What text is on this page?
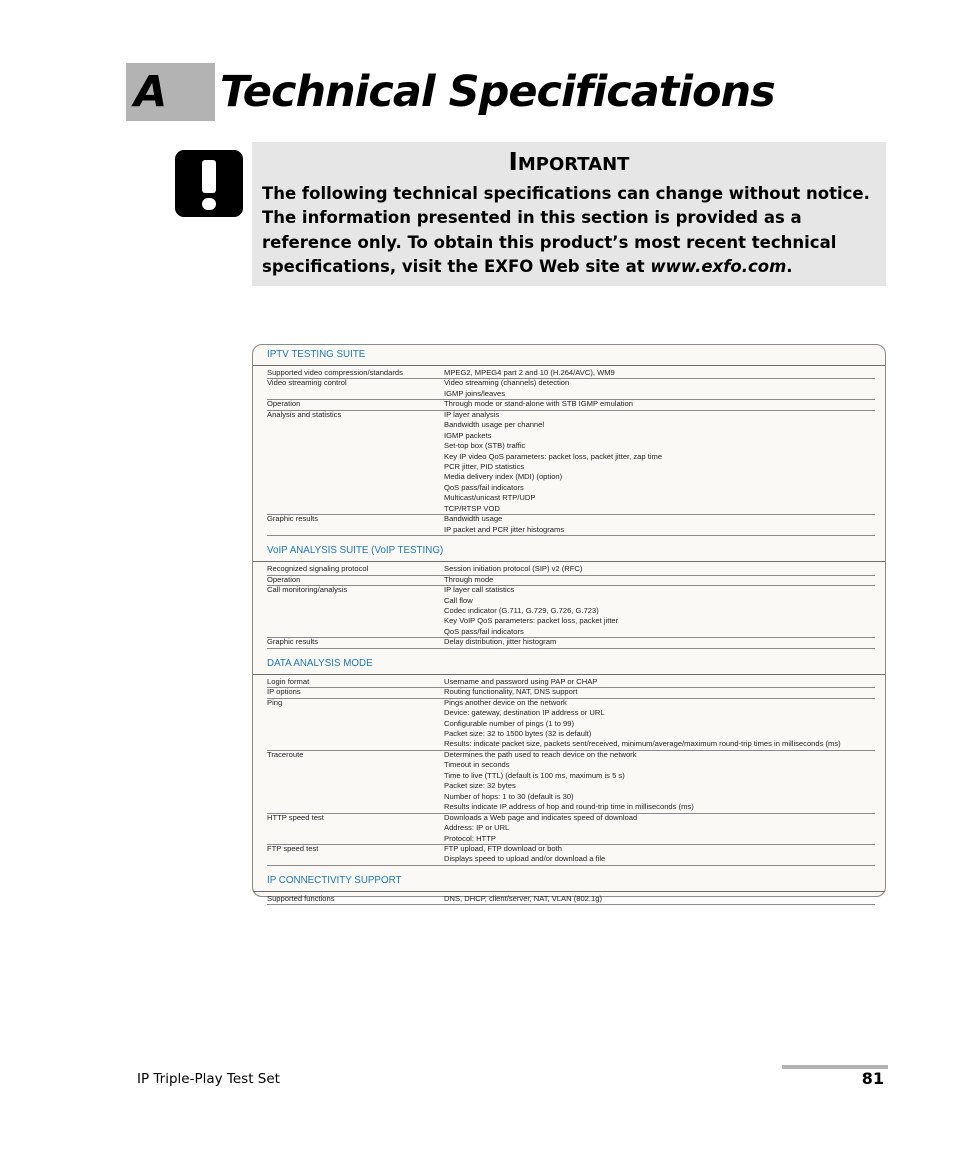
A Technical Specifications
Important
The following technical specifications can change without notice. The information presented in this section is provided as a reference only. To obtain this product’s most recent technical specifications, visit the EXFO Web site at www.exfo.com.
IPTV TESTING SUITE
Supported video compression/standards	MPEG2, MPEG4 part 2 and 10 (H.264/AVC), WM9
Video streaming control	Video streaming (channels) detection
IGMP joins/leaves
Operation	Through mode or stand-alone with STB IGMP emulation
Analysis and statistics	IP layer analysis
Bandwidth usage per channel
IGMP packets
Set-top box (STB) traffic
Key IP video QoS parameters: packet loss, packet jitter, zap time
PCR jitter, PID statistics
Media delivery index (MDI) (option)
QoS pass/fail indicators
Multicast/unicast RTP/UDP
TCP/RTSP VOD
Graphic results	Bandwidth usage
IP packet and PCR jitter histograms
VoIP ANALYSIS SUITE (VoIP TESTING)
Recognized signaling protocol	Session initiation protocol (SIP) v2 (RFC)
Operation	Through mode
Call monitoring/analysis	IP layer call statistics
Call flow
Codec indicator (G.711, G.729, G.726, G.723)
Key VoIP QoS parameters: packet loss, packet jitter
QoS pass/fail indicators
Graphic results	Delay distribution, jitter histogram
DATA ANALYSIS MODE
Login format	Username and password using PAP or CHAP
IP options	Routing functionality, NAT, DNS support
Ping	Pings another device on the network
Device: gateway, destination IP address or URL
Configurable number of pings (1 to 99)
Packet size: 32 to 1500 bytes (32 is default)
Results: indicate packet size, packets sent/received, minimum/average/maximum round-trip times in milliseconds (ms)
Traceroute	Determines the path used to reach device on the network
Timeout in seconds
Time to live (TTL) (default is 100 ms, maximum is 5 s)
Packet size: 32 bytes
Number of hops: 1 to 30 (default is 30)
Results indicate IP address of hop and round-trip time in milliseconds (ms)
HTTP speed test	Downloads a Web page and indicates speed of download
Address: IP or URL
Protocol: HTTP
FTP speed test	FTP upload, FTP download or both
Displays speed to upload and/or download a file
IP CONNECTIVITY SUPPORT
Supported functions	DNS, DHCP, client/server, NAT, VLAN (802.1g)
IP Triple-Play Test Set	81
